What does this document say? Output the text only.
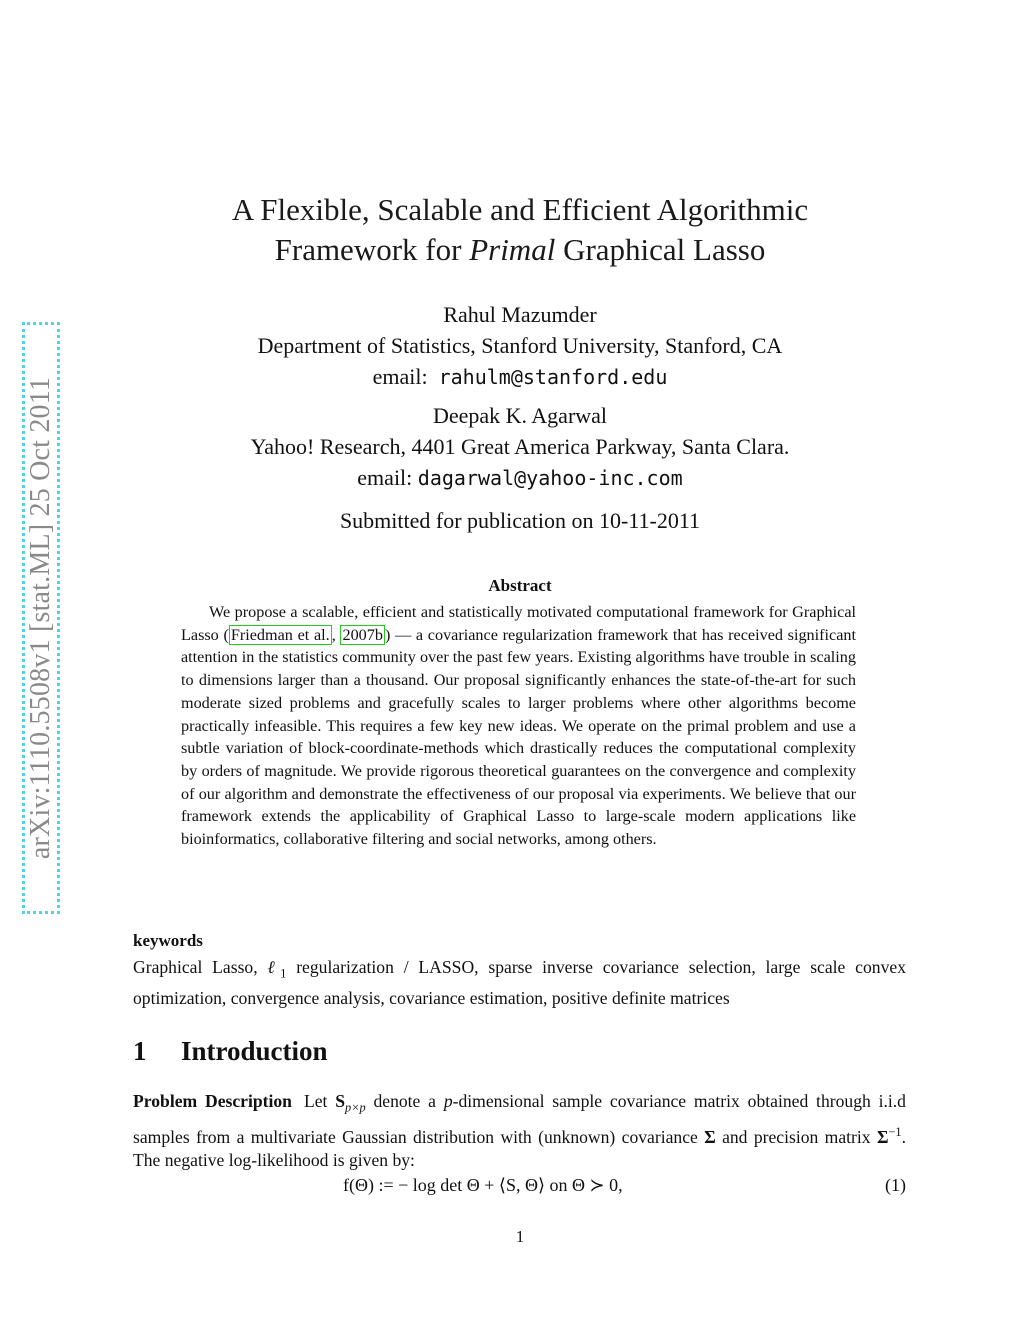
arXiv:1110.5508v1 [stat.ML] 25 Oct 2011
A Flexible, Scalable and Efficient Algorithmic
Framework for Primal Graphical Lasso
Rahul Mazumder
Department of Statistics, Stanford University, Stanford, CA
email: rahulm@stanford.edu
Deepak K. Agarwal
Yahoo! Research, 4401 Great America Parkway, Santa Clara.
email: dagarwal@yahoo-inc.com
Submitted for publication on 10-11-2011
Abstract
We propose a scalable, efficient and statistically motivated computational framework for Graphical Lasso ( Friedman et al. , 2007b ) — a covariance regularization framework that has received significant attention in the statistics community over the past few years. Existing algorithms have trouble in scaling to dimensions larger than a thousand. Our proposal significantly enhances the state-of-the-art for such moderate sized problems and gracefully scales to larger problems where other algorithms become practically infeasible. This requires a few key new ideas. We operate on the primal problem and use a subtle variation of block-coordinate-methods which drastically reduces the computational complexity by orders of magnitude. We provide rigorous theoretical guarantees on the convergence and complexity of our algorithm and demonstrate the effectiveness of our proposal via experiments. We believe that our framework extends the applicability of Graphical Lasso to large-scale modern applications like bioinformatics, collaborative filtering and social networks, among others.
keywords
Graphical Lasso, ℓ$_1$ regularization / LASSO, sparse inverse covariance selection, large scale convex optimization, convergence analysis, covariance estimation, positive definite matrices
1 Introduction
Problem Description Let $S_{p\times p}$ denote a p-dimensional sample covariance matrix obtained through i.i.d samples from a multivariate Gaussian distribution with (unknown) covariance Σ and precision matrix $\Sigma^{-1}$. The negative log-likelihood is given by:
f(Θ) := − log det Θ + ⟨S, Θ⟩ on Θ ≻ 0,	(1)
1
